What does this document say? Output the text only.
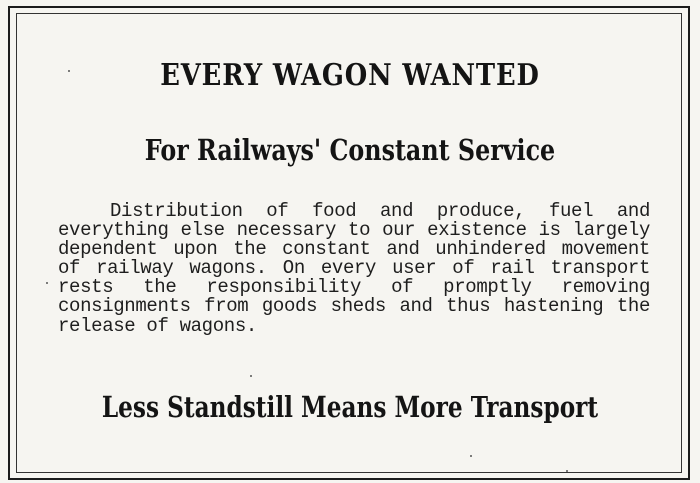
EVERY WAGON WANTED
For Railways' Constant Service

Distribution of food and produce, fuel and everything else necessary to our existence is largely dependent upon the constant and unhindered movement of railway wagons. On every user of rail transport rests the responsibility of promptly removing consignments from goods sheds and thus hastening the release of wagons.

Less Standstill Means More Transport
